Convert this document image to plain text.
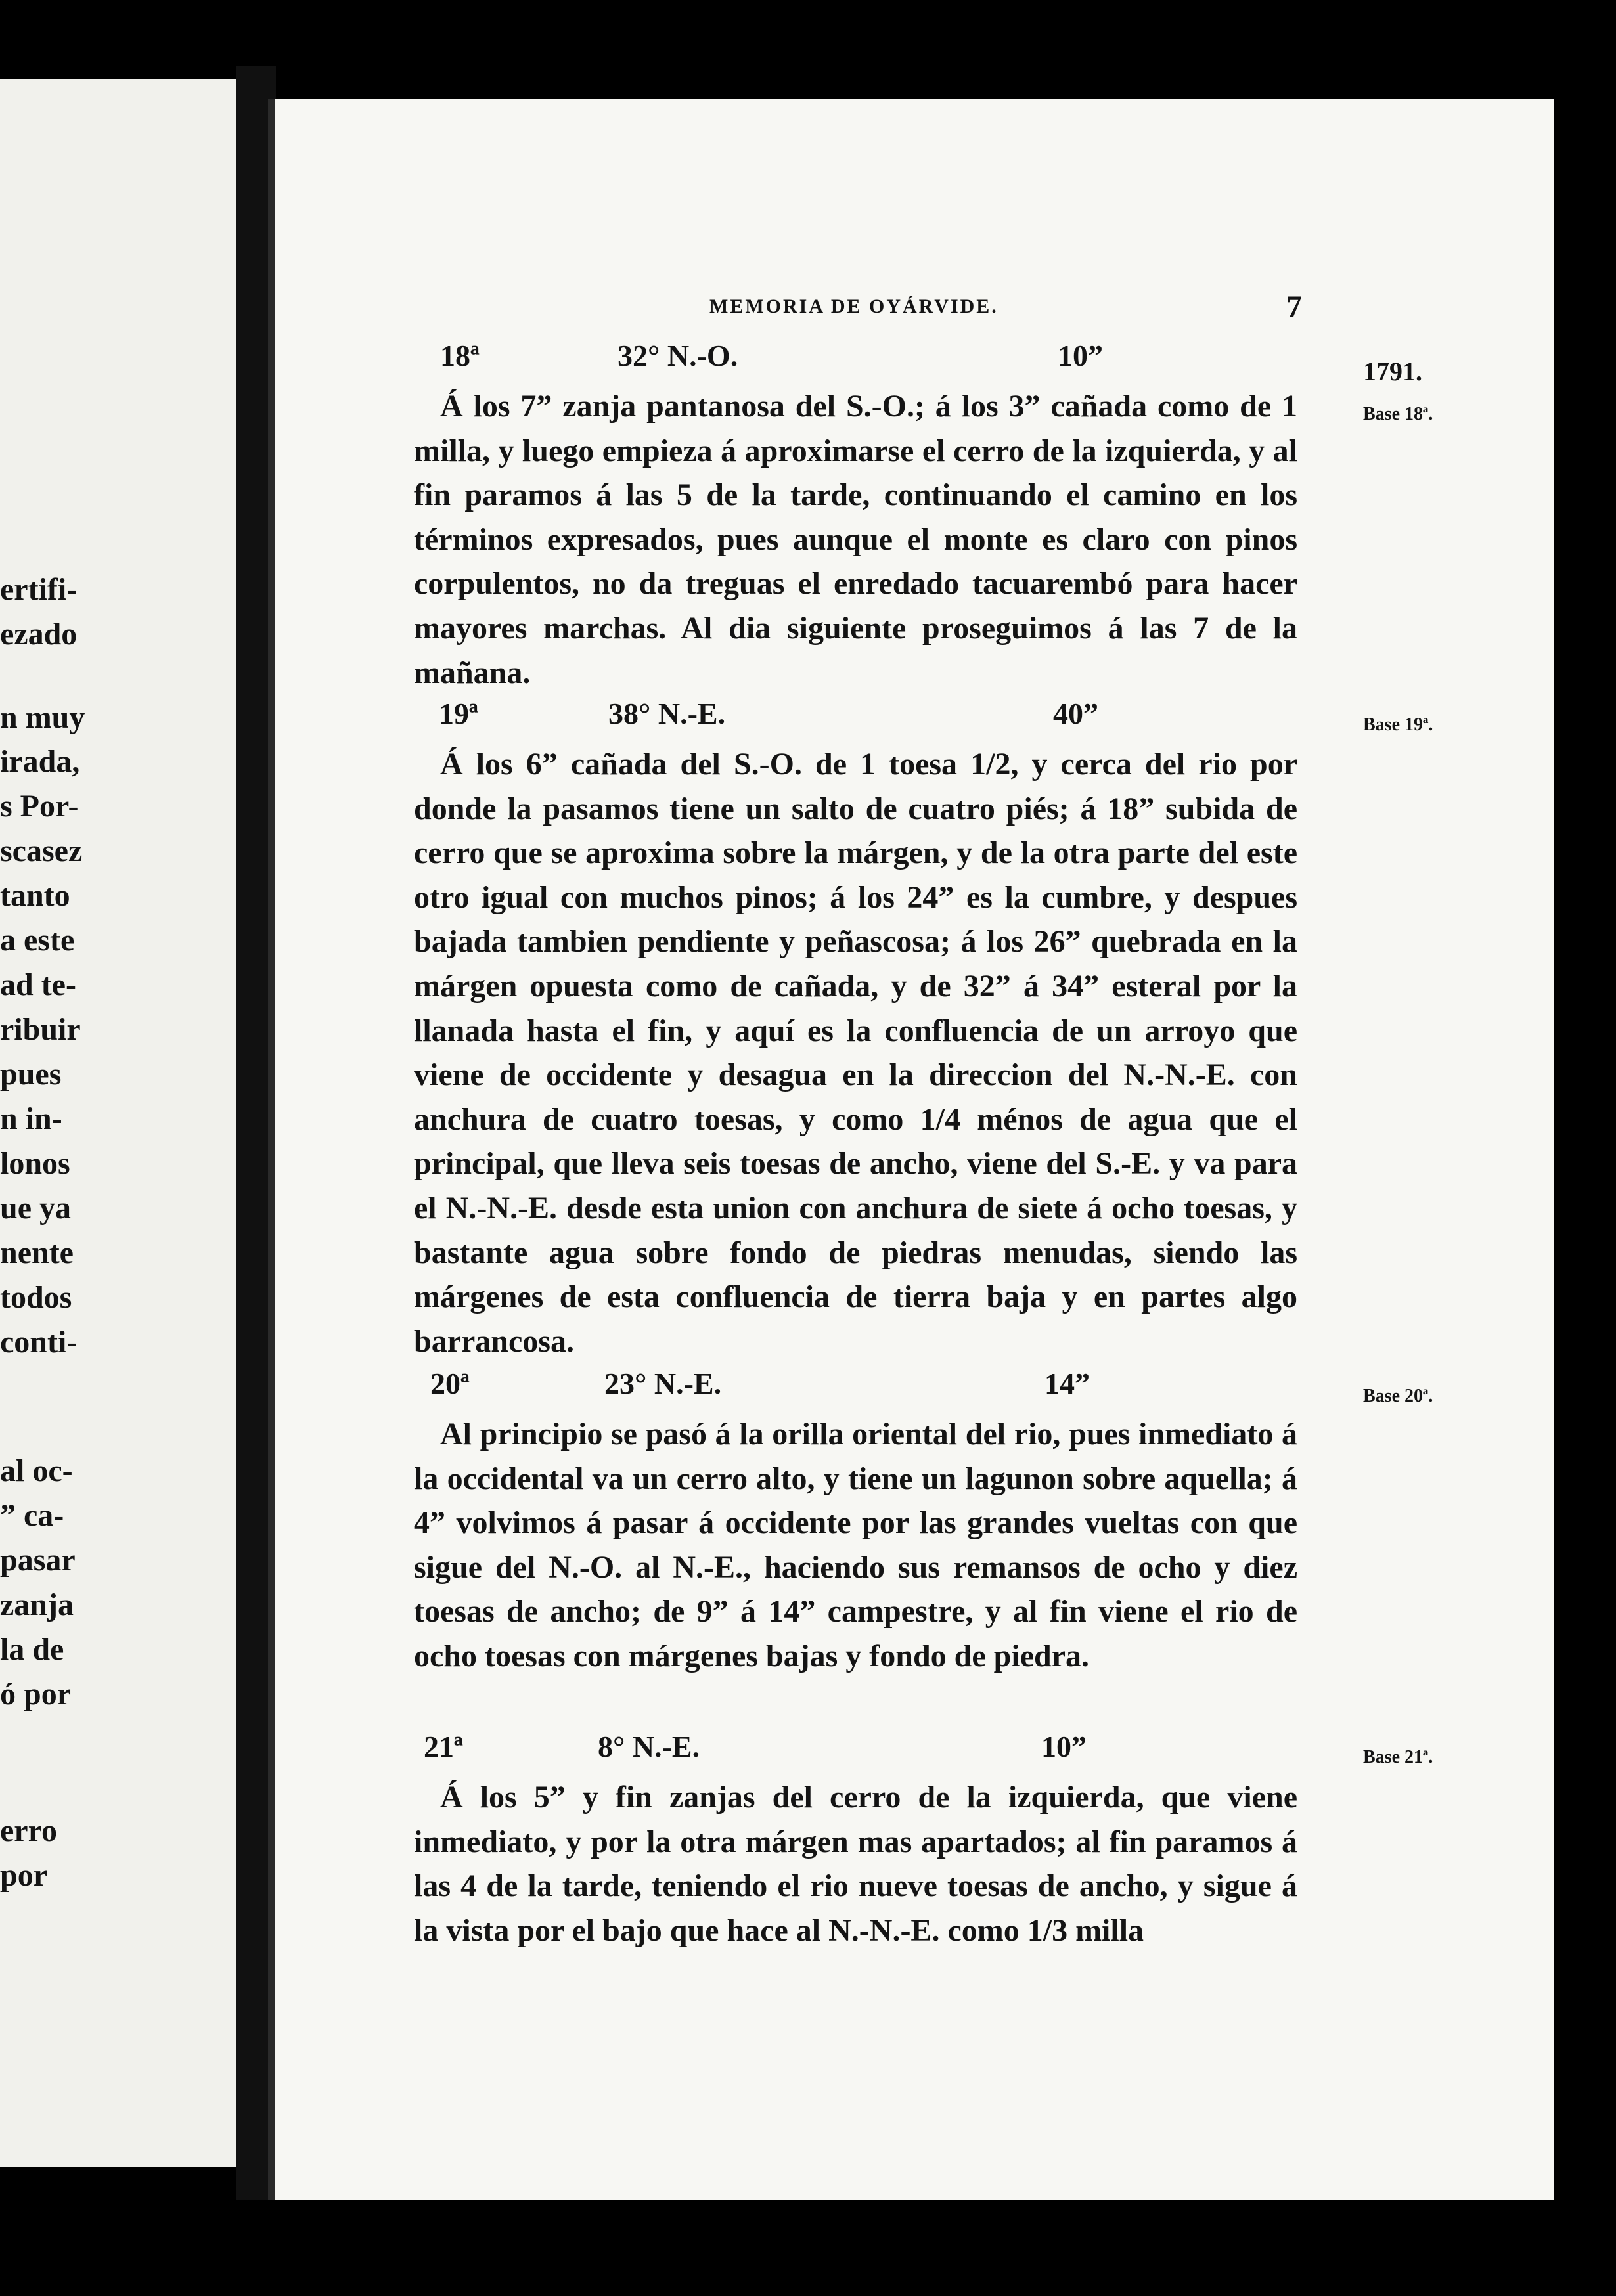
ertifi-
ezado
n muy
irada,
s Por-
scasez
tanto
a este
ad te-
ribuir
pues
n in-
lonos
ue ya
nente
todos
conti-
al oc-
” ca-
pasar
zanja
la de
ó por
erro
por
MEMORIA DE OYÁRVIDE.	7
1791.
18ª	32° N.-O.	10”
Base 18ª.

Á los 7” zanja pantanosa del S.-O.; á los 3” cañada como de 1 milla, y luego empieza á aproximarse el cerro de la izquierda, y al fin paramos á las 5 de la tarde, continuando el camino en los términos expresados, pues aunque el monte es claro con pinos corpulentos, no da treguas el enredado tacuarembó para hacer mayores marchas. Al dia siguiente proseguimos á las 7 de la mañana.

19ª	38° N.-E.	40”	Base 19ª.

Á los 6” cañada del S.-O. de 1 toesa 1/2, y cerca del rio por donde la pasamos tiene un salto de cuatro piés; á 18” subida de cerro que se aproxima sobre la márgen, y de la otra parte del este otro igual con muchos pinos; á los 24” es la cumbre, y despues bajada tambien pendiente y peñascosa; á los 26” quebrada en la márgen opuesta como de cañada, y de 32” á 34” esteral por la llanada hasta el fin, y aquí es la confluencia de un arroyo que viene de occidente y desagua en la direccion del N.-N.-E. con anchura de cuatro toesas, y como 1/4 ménos de agua que el principal, que lleva seis toesas de ancho, viene del S.-E. y va para el N.-N.-E. desde esta union con anchura de siete á ocho toesas, y bastante agua sobre fondo de piedras menudas, siendo las márgenes de esta confluencia de tierra baja y en partes algo barrancosa.

20ª	23° N.-E.	14”	Base 20ª.

Al principio se pasó á la orilla oriental del rio, pues inmediato á la occidental va un cerro alto, y tiene un lagunon sobre aquella; á 4” volvimos á pasar á occidente por las grandes vueltas con que sigue del N.-O. al N.-E., haciendo sus remansos de ocho y diez toesas de ancho; de 9” á 14” campestre, y al fin viene el rio de ocho toesas con márgenes bajas y fondo de piedra.

21ª	8° N.-E.	10”	Base 21ª.

Á los 5” y fin zanjas del cerro de la izquierda, que viene inmediato, y por la otra márgen mas apartados; al fin paramos á las 4 de la tarde, teniendo el rio nueve toesas de ancho, y sigue á la vista por el bajo que hace al N.-N.-E. como 1/3 milla
